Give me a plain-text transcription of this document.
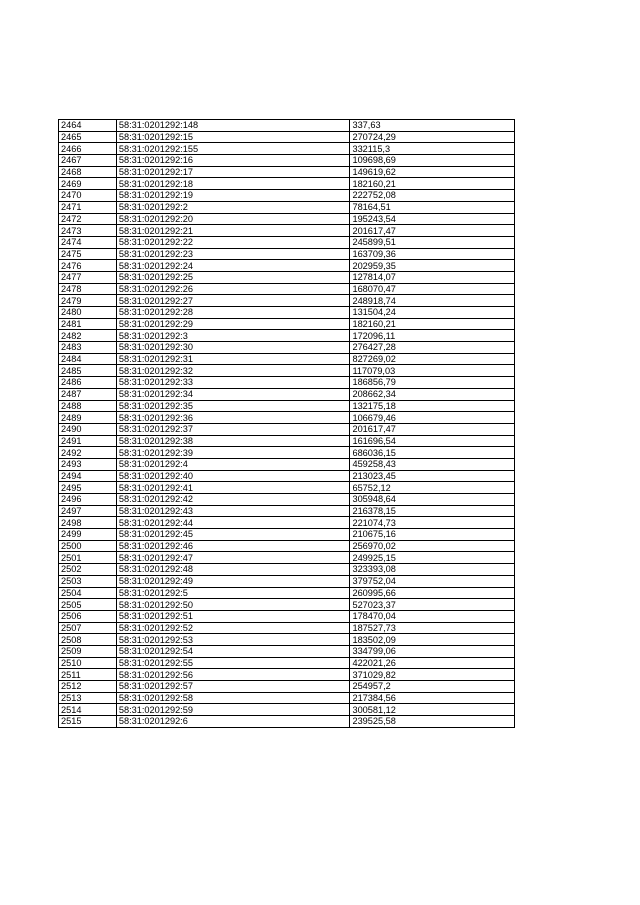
2464	58:31:0201292:148	337,63
2465	58:31:0201292:15	270724,29
2466	58:31:0201292:155	332115,3
2467	58:31:0201292:16	109698,69
2468	58:31:0201292:17	149619,62
2469	58:31:0201292:18	182160,21
2470	58:31:0201292:19	222752,08
2471	58:31:0201292:2	78164,51
2472	58:31:0201292:20	195243,54
2473	58:31:0201292:21	201617,47
2474	58:31:0201292:22	245899,51
2475	58:31:0201292:23	163709,36
2476	58:31:0201292:24	202959,35
2477	58:31:0201292:25	127814,07
2478	58:31:0201292:26	168070,47
2479	58:31:0201292:27	248918,74
2480	58:31:0201292:28	131504,24
2481	58:31:0201292:29	182160,21
2482	58:31:0201292:3	172096,11
2483	58:31:0201292:30	276427,28
2484	58:31:0201292:31	827269,02
2485	58:31:0201292:32	117079,03
2486	58:31:0201292:33	186856,79
2487	58:31:0201292:34	208662,34
2488	58:31:0201292:35	132175,18
2489	58:31:0201292:36	106679,46
2490	58:31:0201292:37	201617,47
2491	58:31:0201292:38	161696,54
2492	58:31:0201292:39	686036,15
2493	58:31:0201292:4	459258,43
2494	58:31:0201292:40	213023,45
2495	58:31:0201292:41	65752,12
2496	58:31:0201292:42	305948,64
2497	58:31:0201292:43	216378,15
2498	58:31:0201292:44	221074,73
2499	58:31:0201292:45	210675,16
2500	58:31:0201292:46	256970,02
2501	58:31:0201292:47	249925,15
2502	58:31:0201292:48	323393,08
2503	58:31:0201292:49	379752,04
2504	58:31:0201292:5	260995,66
2505	58:31:0201292:50	527023,37
2506	58:31:0201292:51	178470,04
2507	58:31:0201292:52	187527,73
2508	58:31:0201292:53	183502,09
2509	58:31:0201292:54	334799,06
2510	58:31:0201292:55	422021,26
2511	58:31:0201292:56	371029,82
2512	58:31:0201292:57	254957,2
2513	58:31:0201292:58	217384,56
2514	58:31:0201292:59	300581,12
2515	58:31:0201292:6	239525,58
